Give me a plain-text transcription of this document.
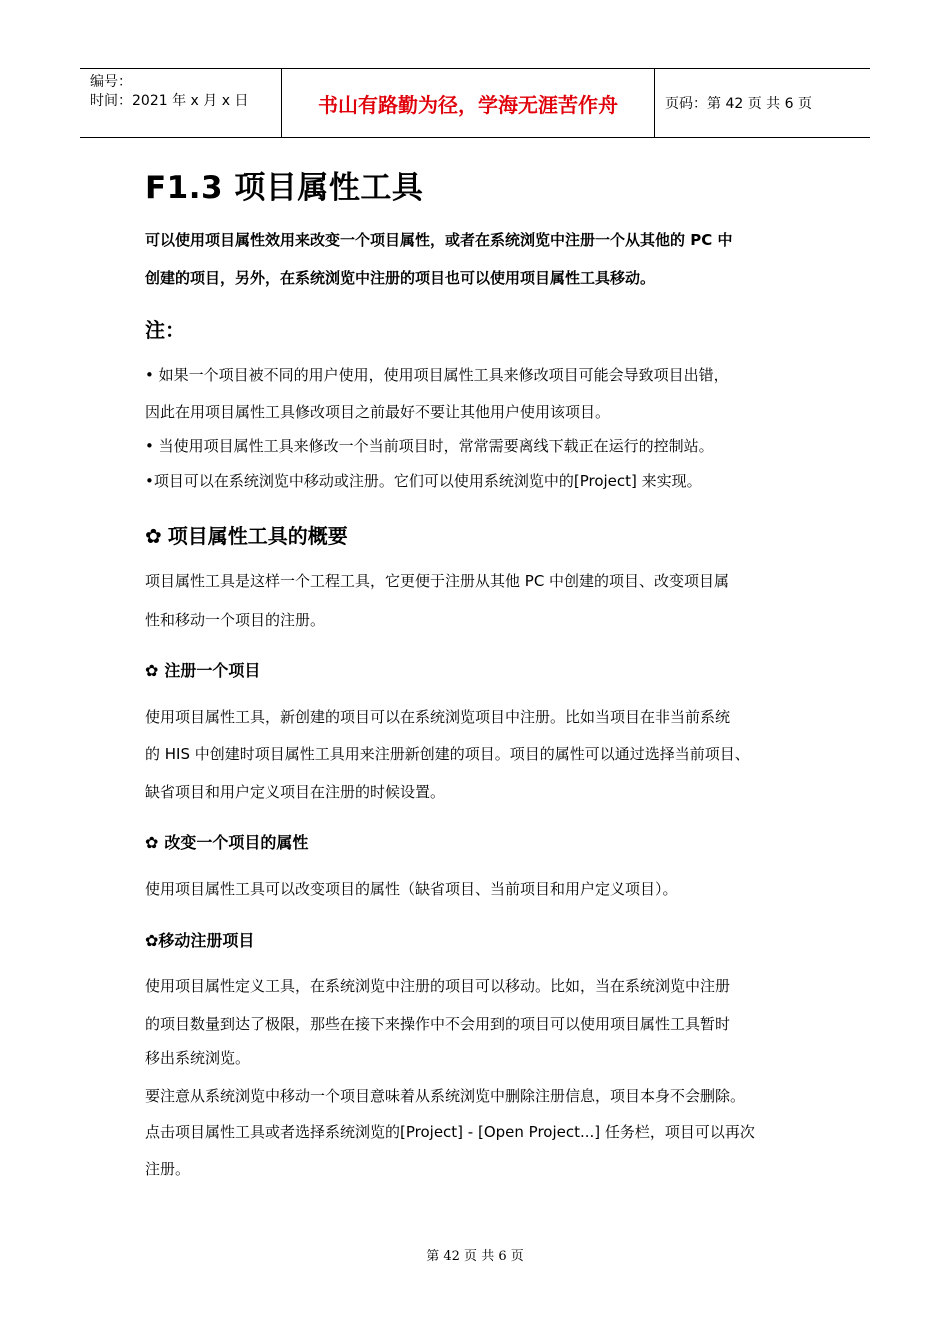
编号：
时间：2021 年 x 月 x 日	书山有路勤为径，学海无涯苦作舟	页码：第 42 页 共 6 页
F1.3 项目属性工具
可以使用项目属性效用来改变一个项目属性，或者在系统浏览中注册一个从其他的 PC 中
创建的项目，另外，在系统浏览中注册的项目也可以使用项目属性工具移动。
注：
• 如果一个项目被不同的用户使用，使用项目属性工具来修改项目可能会导致项目出错，
因此在用项目属性工具修改项目之前最好不要让其他用户使用该项目。
• 当使用项目属性工具来修改一个当前项目时，常常需要离线下载正在运行的控制站。
•项目可以在系统浏览中移动或注册。它们可以使用系统浏览中的[Project] 来实现。
✿ 项目属性工具的概要
项目属性工具是这样一个工程工具，它更便于注册从其他 PC 中创建的项目、改变项目属
性和移动一个项目的注册。
✿ 注册一个项目
使用项目属性工具，新创建的项目可以在系统浏览项目中注册。比如当项目在非当前系统
的 HIS 中创建时项目属性工具用来注册新创建的项目。项目的属性可以通过选择当前项目、
缺省项目和用户定义项目在注册的时候设置。
✿ 改变一个项目的属性
使用项目属性工具可以改变项目的属性（缺省项目、当前项目和用户定义项目）。
✿移动注册项目
使用项目属性定义工具，在系统浏览中注册的项目可以移动。比如，当在系统浏览中注册
的项目数量到达了极限，那些在接下来操作中不会用到的项目可以使用项目属性工具暂时
移出系统浏览。
要注意从系统浏览中移动一个项目意味着从系统浏览中删除注册信息，项目本身不会删除。
点击项目属性工具或者选择系统浏览的[Project] - [Open Project...] 任务栏，项目可以再次
注册。
第 42 页 共 6 页
